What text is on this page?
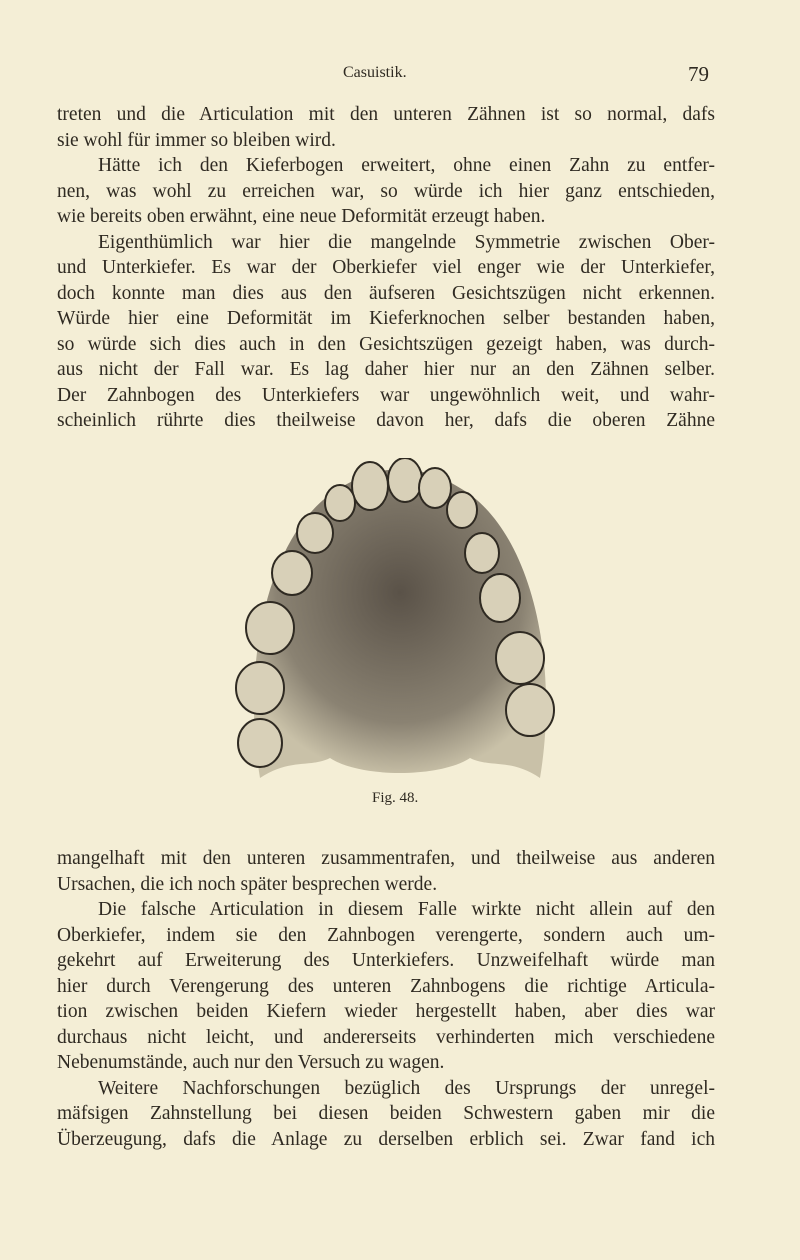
Casuistik.	79
treten und die Articulation mit den unteren Zähnen ist so normal, dafs
sie wohl für immer so bleiben wird.
Hätte ich den Kieferbogen erweitert, ohne einen Zahn zu entfer-
nen, was wohl zu erreichen war, so würde ich hier ganz entschieden,
wie bereits oben erwähnt, eine neue Deformität erzeugt haben.
Eigenthümlich war hier die mangelnde Symmetrie zwischen Ober-
und Unterkiefer. Es war der Oberkiefer viel enger wie der Unterkiefer,
doch konnte man dies aus den äufseren Gesichtszügen nicht erkennen.
Würde hier eine Deformität im Kieferknochen selber bestanden haben,
so würde sich dies auch in den Gesichtszügen gezeigt haben, was durch-
aus nicht der Fall war. Es lag daher hier nur an den Zähnen selber.
Der Zahnbogen des Unterkiefers war ungewöhnlich weit, und wahr-
scheinlich rührte dies theilweise davon her, dafs die oberen Zähne
Fig. 48.
mangelhaft mit den unteren zusammentrafen, und theilweise aus anderen
Ursachen, die ich noch später besprechen werde.
Die falsche Articulation in diesem Falle wirkte nicht allein auf den
Oberkiefer, indem sie den Zahnbogen verengerte, sondern auch um-
gekehrt auf Erweiterung des Unterkiefers. Unzweifelhaft würde man
hier durch Verengerung des unteren Zahnbogens die richtige Articula-
tion zwischen beiden Kiefern wieder hergestellt haben, aber dies war
durchaus nicht leicht, und andererseits verhinderten mich verschiedene
Nebenumstände, auch nur den Versuch zu wagen.
Weitere Nachforschungen bezüglich des Ursprungs der unregel-
mäfsigen Zahnstellung bei diesen beiden Schwestern gaben mir die
Überzeugung, dafs die Anlage zu derselben erblich sei. Zwar fand ich
